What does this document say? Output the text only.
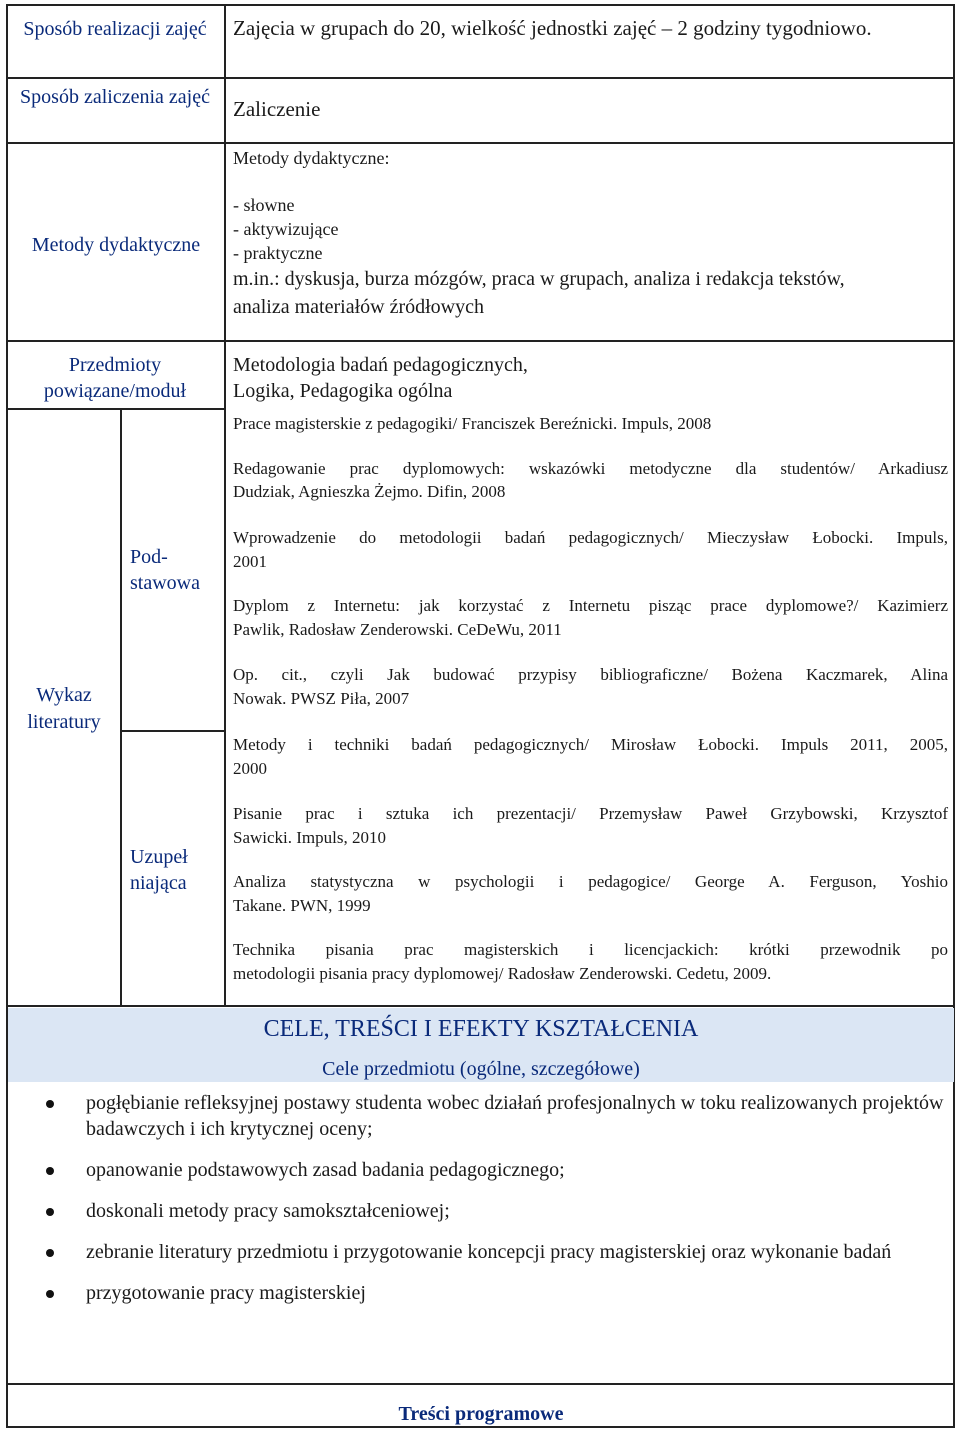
Sposób realizacji zajęć	Zajęcia w grupach do 20, wielkość jednostki zajęć – 2 godziny tygodniowo.
Sposób zaliczenia zajęć	Zaliczenie
Metody dydaktyczne
Metody dydaktyczne:
- słowne
- aktywizujące
- praktyczne
m.in.: dyskusja, burza mózgów, praca w grupach, analiza i redakcja tekstów,
analiza materiałów źródłowych
Przedmioty powiązane/moduł
Metodologia badań pedagogicznych,
Logika, Pedagogika ogólna
Wykaz literatury
Pod-
stawowa
Uzupeł
niająca
Prace magisterskie z pedagogiki/ Franciszek Bereźnicki. Impuls, 2008
Redagowanie prac dyplomowych: wskazówki metodyczne dla studentów/ Arkadiusz
Dudziak, Agnieszka Żejmo. Difin, 2008
Wprowadzenie do metodologii badań pedagogicznych/ Mieczysław Łobocki. Impuls,
2001
Dyplom z Internetu: jak korzystać z Internetu pisząc prace dyplomowe?/ Kazimierz
Pawlik, Radosław Zenderowski. CeDeWu, 2011
Op. cit., czyli Jak budować przypisy bibliograficzne/ Bożena Kaczmarek, Alina
Nowak. PWSZ Piła, 2007
Metody i techniki badań pedagogicznych/ Mirosław Łobocki. Impuls 2011, 2005,
2000
Pisanie prac i sztuka ich prezentacji/ Przemysław Paweł Grzybowski, Krzysztof
Sawicki. Impuls, 2010
Analiza statystyczna w psychologii i pedagogice/ George A. Ferguson, Yoshio
Takane. PWN, 1999
Technika pisania prac magisterskich i licencjackich: krótki przewodnik po
metodologii pisania pracy dyplomowej/ Radosław Zenderowski. Cedetu, 2009.
CELE, TREŚCI I EFEKTY KSZTAŁCENIA
Cele przedmiotu (ogólne, szczegółowe)
pogłębianie refleksyjnej postawy studenta wobec działań profesjonalnych w toku realizowanych projektów badawczych i ich krytycznej oceny;
opanowanie podstawowych zasad badania pedagogicznego;
doskonali metody pracy samokształceniowej;
zebranie literatury przedmiotu i przygotowanie koncepcji pracy magisterskiej oraz wykonanie badań
przygotowanie pracy magisterskiej
Treści programowe
